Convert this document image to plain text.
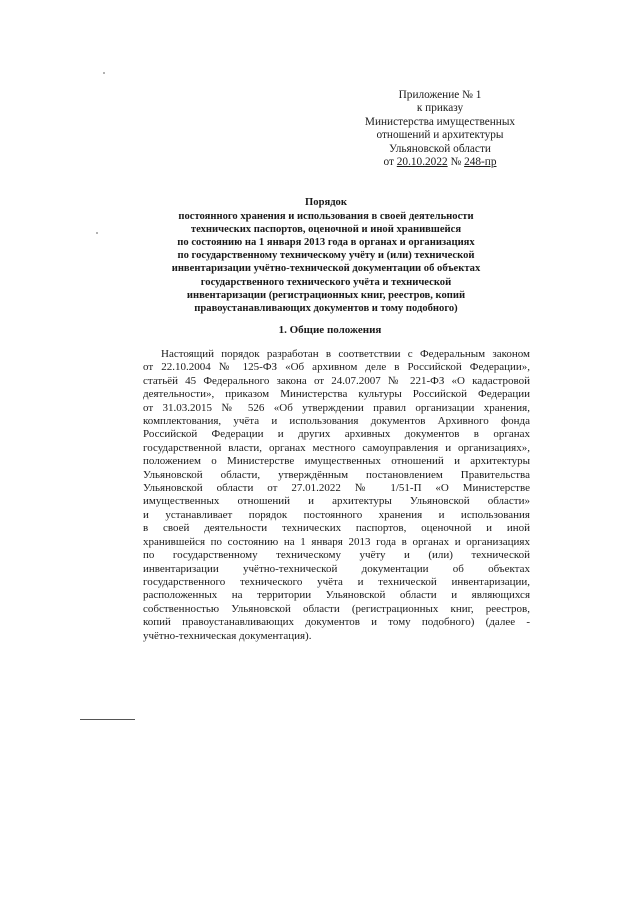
Приложение № 1
к приказу
Министерства имущественных
отношений и архитектуры
Ульяновской области
от 20.10.2022 № 248-пр
Порядок
постоянного хранения и использования в своей деятельности
технических паспортов, оценочной и иной хранившейся
по состоянию на 1 января 2013 года в органах и организациях
по государственному техническому учёту и (или) технической
инвентаризации учётно-технической документации об объектах
государственного технического учёта и технической
инвентаризации (регистрационных книг, реестров, копий
правоустанавливающих документов и тому подобного)
1. Общие положения
Настоящий порядок разработан в соответствии с Федеральным законом
от 22.10.2004 № 125-ФЗ «Об архивном деле в Российской Федерации»,
статьёй 45 Федерального закона от 24.07.2007 № 221-ФЗ «О кадастровой
деятельности», приказом Министерства культуры Российской Федерации
от 31.03.2015 № 526 «Об утверждении правил организации хранения,
комплектования, учёта и использования документов Архивного фонда
Российской Федерации и других архивных документов в органах
государственной власти, органах местного самоуправления и организациях»,
положением о Министерстве имущественных отношений и архитектуры
Ульяновской области, утверждённым постановлением Правительства
Ульяновской области от 27.01.2022 № 1/51-П «О Министерстве
имущественных отношений и архитектуры Ульяновской области»
и устанавливает порядок постоянного хранения и использования
в своей деятельности технических паспортов, оценочной и иной
хранившейся по состоянию на 1 января 2013 года в органах и организациях
по государственному техническому учёту и (или) технической
инвентаризации учётно-технической документации об объектах
государственного технического учёта и технической инвентаризации,
расположенных на территории Ульяновской области и являющихся
собственностью Ульяновской области (регистрационных книг, реестров,
копий правоустанавливающих документов и тому подобного) (далее -
учётно-техническая документация).
